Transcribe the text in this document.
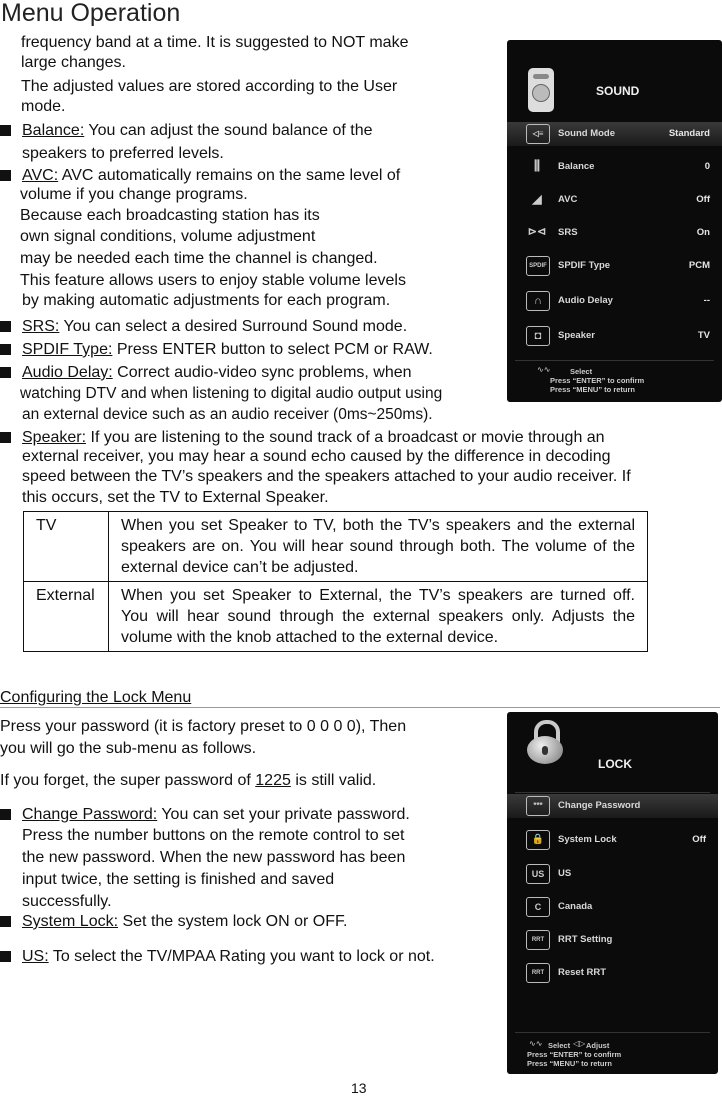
Menu Operation
frequency band at a time. It is suggested to NOT make
large changes.
The adjusted values are stored according to the User
mode.
Balance: You can adjust the sound balance of the
speakers to preferred levels.
AVC: AVC automatically remains on the same level of
volume if you change programs.
Because each broadcasting station has its
own signal conditions, volume adjustment
may be needed each time the channel is changed.
This feature allows users to enjoy stable volume levels
by making automatic adjustments for each program.
SRS: You can select a desired Surround Sound mode.
SPDIF Type: Press ENTER button to select PCM or RAW.
Audio Delay: Correct audio-video sync problems, when
watching DTV and when listening to digital audio output using
an external device such as an audio receiver (0ms~250ms).
Speaker: If you are listening to the sound track of a broadcast or movie through an
external receiver, you may hear a sound echo caused by the difference in decoding
speed between the TV’s speakers and the speakers attached to your audio receiver. If
this occurs, set the TV to External Speaker.
TV	When you set Speaker to TV, both the TV’s speakers and the external speakers are on. You will hear sound through both. The volume of the external device can’t be adjusted.
External	When you set Speaker to External, the TV’s speakers are turned off. You will hear sound through the external speakers only. Adjusts the volume with the knob attached to the external device.
Configuring the Lock Menu
Press your password (it is factory preset to 0 0 0 0), Then
you will go the sub-menu as follows.
If you forget, the super password of 1225 is still valid.
Change Password: You can set your private password.
Press the number buttons on the remote control to set
the new password. When the new password has been
input twice, the setting is finished and saved
successfully.
System Lock: Set the system lock ON or OFF.
US: To select the TV/MPAA Rating you want to lock or not.
SOUND
◁≡	Sound Mode	Standard
⫼	Balance	0
◢	AVC	Off
⊳⊲ SRS	On
SPDIF	SPDIF Type	PCM
∩	Audio Delay	--
◘	Speaker	TV
∿∿	Select
Press “ENTER” to confirm
Press “MENU” to return
LOCK
***	Change Password
🔒	System Lock	Off
US	US
C	Canada
RRT	RRT Setting
RRT	Reset RRT
∿∿ Select ◁▷ Adjust
Press “ENTER” to confirm
Press “MENU” to return
13
